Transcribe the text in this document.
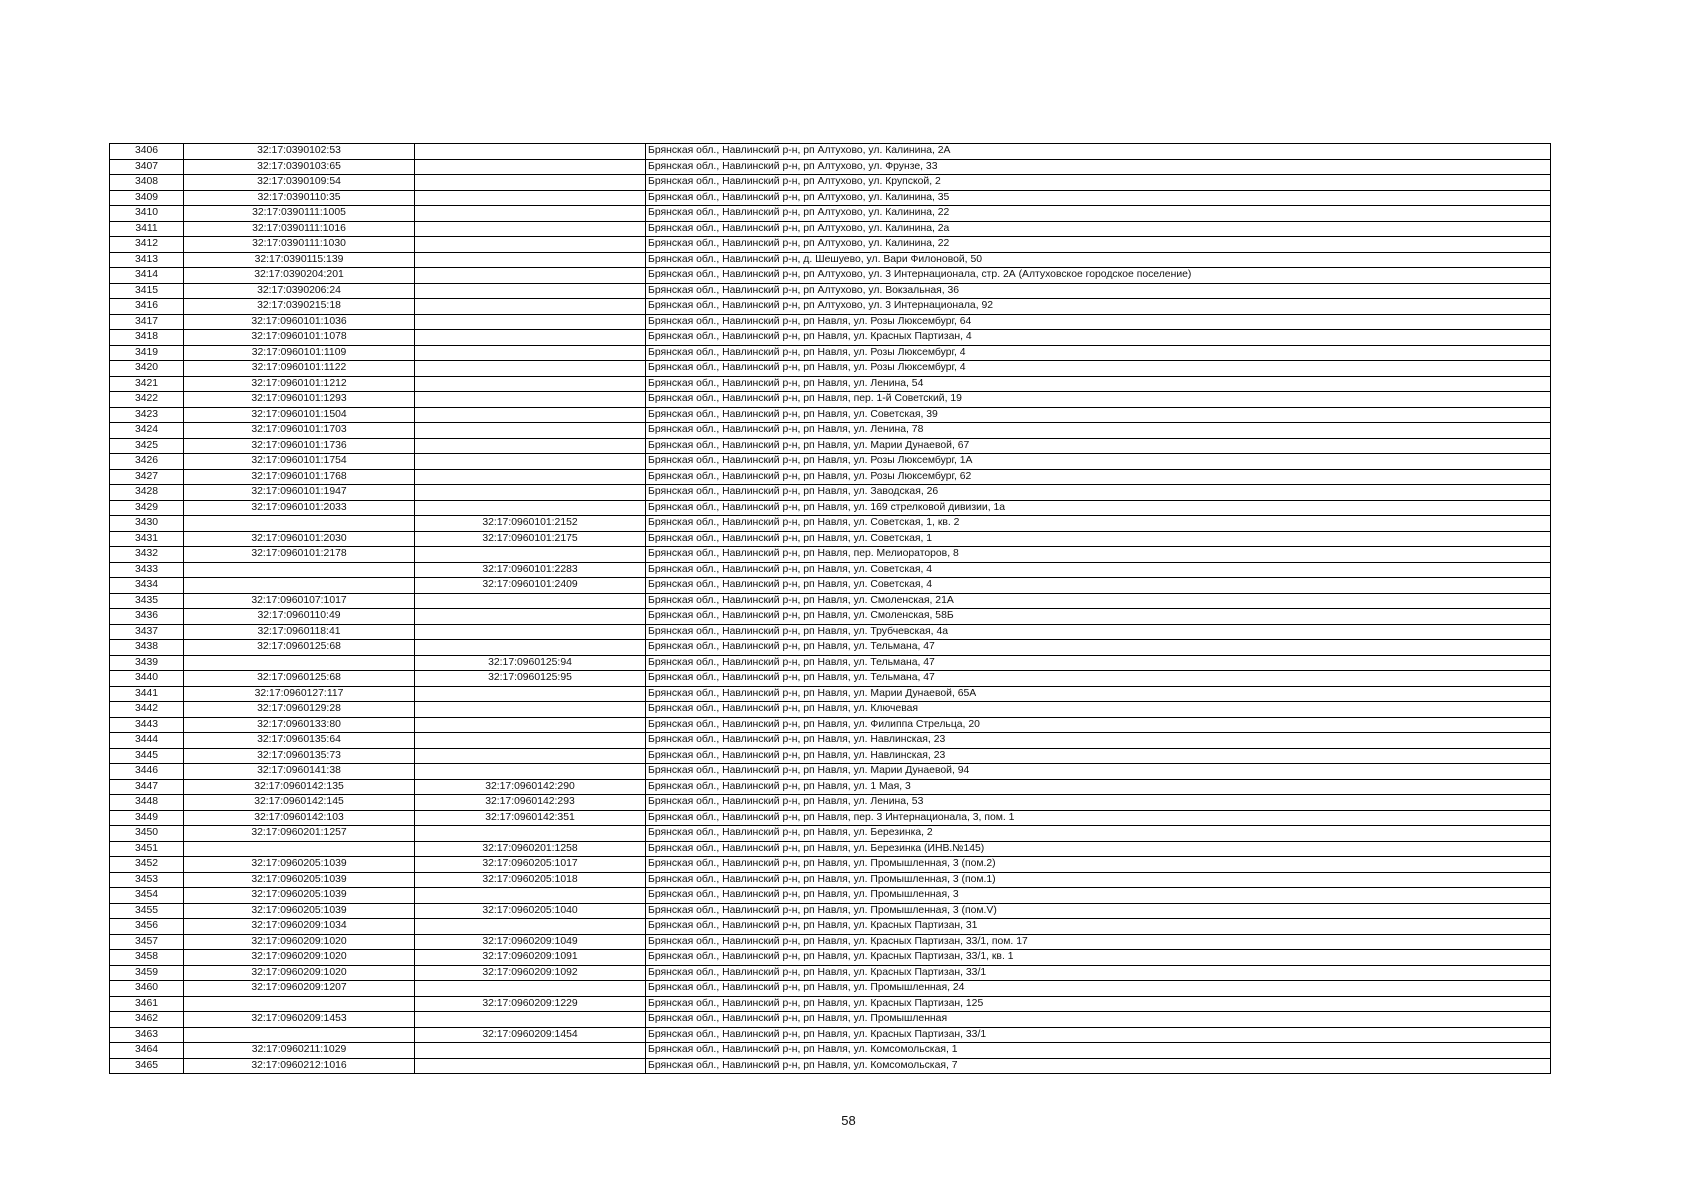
3406	32:17:0390102:53		Брянская обл., Навлинский р-н, рп Алтухово, ул. Калинина, 2А
3407	32:17:0390103:65		Брянская обл., Навлинский р-н, рп Алтухово, ул. Фрунзе, 33
3408	32:17:0390109:54		Брянская обл., Навлинский р-н, рп Алтухово, ул. Крупской, 2
3409	32:17:0390110:35		Брянская обл., Навлинский р-н, рп Алтухово, ул. Калинина, 35
3410	32:17:0390111:1005		Брянская обл., Навлинский р-н, рп Алтухово, ул. Калинина, 22
3411	32:17:0390111:1016		Брянская обл., Навлинский р-н, рп Алтухово, ул. Калинина, 2а
3412	32:17:0390111:1030		Брянская обл., Навлинский р-н, рп Алтухово, ул. Калинина, 22
3413	32:17:0390115:139		Брянская обл., Навлинский р-н, д. Шешуево, ул. Вари Филоновой, 50
3414	32:17:0390204:201		Брянская обл., Навлинский р-н, рп Алтухово, ул. 3 Интернационала, стр. 2А (Алтуховское городское поселение)
3415	32:17:0390206:24		Брянская обл., Навлинский р-н, рп Алтухово, ул. Вокзальная, 36
3416	32:17:0390215:18		Брянская обл., Навлинский р-н, рп Алтухово, ул. 3 Интернационала, 92
3417	32:17:0960101:1036		Брянская обл., Навлинский р-н, рп Навля, ул. Розы Люксембург, 64
3418	32:17:0960101:1078		Брянская обл., Навлинский р-н, рп Навля, ул. Красных Партизан, 4
3419	32:17:0960101:1109		Брянская обл., Навлинский р-н, рп Навля, ул. Розы Люксембург, 4
3420	32:17:0960101:1122		Брянская обл., Навлинский р-н, рп Навля, ул. Розы Люксембург, 4
3421	32:17:0960101:1212		Брянская обл., Навлинский р-н, рп Навля, ул. Ленина, 54
3422	32:17:0960101:1293		Брянская обл., Навлинский р-н, рп Навля, пер. 1-й Советский, 19
3423	32:17:0960101:1504		Брянская обл., Навлинский р-н, рп Навля, ул. Советская, 39
3424	32:17:0960101:1703		Брянская обл., Навлинский р-н, рп Навля, ул. Ленина, 78
3425	32:17:0960101:1736		Брянская обл., Навлинский р-н, рп Навля, ул. Марии Дунаевой, 67
3426	32:17:0960101:1754		Брянская обл., Навлинский р-н, рп Навля, ул. Розы Люксембург, 1А
3427	32:17:0960101:1768		Брянская обл., Навлинский р-н, рп Навля, ул. Розы Люксембург, 62
3428	32:17:0960101:1947		Брянская обл., Навлинский р-н, рп Навля, ул. Заводская, 26
3429	32:17:0960101:2033		Брянская обл., Навлинский р-н, рп Навля, ул. 169 стрелковой дивизии, 1а
3430		32:17:0960101:2152	Брянская обл., Навлинский р-н, рп Навля, ул. Советская, 1, кв. 2
3431	32:17:0960101:2030	32:17:0960101:2175	Брянская обл., Навлинский р-н, рп Навля, ул. Советская, 1
3432	32:17:0960101:2178		Брянская обл., Навлинский р-н, рп Навля, пер. Мелиораторов, 8
3433		32:17:0960101:2283	Брянская обл., Навлинский р-н, рп Навля, ул. Советская, 4
3434		32:17:0960101:2409	Брянская обл., Навлинский р-н, рп Навля, ул. Советская, 4
3435	32:17:0960107:1017		Брянская обл., Навлинский р-н, рп Навля, ул. Смоленская, 21А
3436	32:17:0960110:49		Брянская обл., Навлинский р-н, рп Навля, ул. Смоленская, 58Б
3437	32:17:0960118:41		Брянская обл., Навлинский р-н, рп Навля, ул. Трубчевская, 4а
3438	32:17:0960125:68		Брянская обл., Навлинский р-н, рп Навля, ул. Тельмана, 47
3439		32:17:0960125:94	Брянская обл., Навлинский р-н, рп Навля, ул. Тельмана, 47
3440	32:17:0960125:68	32:17:0960125:95	Брянская обл., Навлинский р-н, рп Навля, ул. Тельмана, 47
3441	32:17:0960127:117		Брянская обл., Навлинский р-н, рп Навля, ул. Марии Дунаевой, 65А
3442	32:17:0960129:28		Брянская обл., Навлинский р-н, рп Навля, ул. Ключевая
3443	32:17:0960133:80		Брянская обл., Навлинский р-н, рп Навля, ул. Филиппа Стрельца, 20
3444	32:17:0960135:64		Брянская обл., Навлинский р-н, рп Навля, ул. Навлинская, 23
3445	32:17:0960135:73		Брянская обл., Навлинский р-н, рп Навля, ул. Навлинская, 23
3446	32:17:0960141:38		Брянская обл., Навлинский р-н, рп Навля, ул. Марии Дунаевой, 94
3447	32:17:0960142:135	32:17:0960142:290	Брянская обл., Навлинский р-н, рп Навля, ул. 1 Мая, 3
3448	32:17:0960142:145	32:17:0960142:293	Брянская обл., Навлинский р-н, рп Навля, ул. Ленина, 53
3449	32:17:0960142:103	32:17:0960142:351	Брянская обл., Навлинский р-н, рп Навля, пер. 3 Интернационала, 3, пом. 1
3450	32:17:0960201:1257		Брянская обл., Навлинский р-н, рп Навля, ул. Березинка, 2
3451		32:17:0960201:1258	Брянская обл., Навлинский р-н, рп Навля, ул. Березинка (ИНВ.№145)
3452	32:17:0960205:1039	32:17:0960205:1017	Брянская обл., Навлинский р-н, рп Навля, ул. Промышленная, 3 (пом.2)
3453	32:17:0960205:1039	32:17:0960205:1018	Брянская обл., Навлинский р-н, рп Навля, ул. Промышленная, 3 (пом.1)
3454	32:17:0960205:1039		Брянская обл., Навлинский р-н, рп Навля, ул. Промышленная, 3
3455	32:17:0960205:1039	32:17:0960205:1040	Брянская обл., Навлинский р-н, рп Навля, ул. Промышленная, 3 (пом.V)
3456	32:17:0960209:1034		Брянская обл., Навлинский р-н, рп Навля, ул. Красных Партизан, 31
3457	32:17:0960209:1020	32:17:0960209:1049	Брянская обл., Навлинский р-н, рп Навля, ул. Красных Партизан, 33/1, пом. 17
3458	32:17:0960209:1020	32:17:0960209:1091	Брянская обл., Навлинский р-н, рп Навля, ул. Красных Партизан, 33/1, кв. 1
3459	32:17:0960209:1020	32:17:0960209:1092	Брянская обл., Навлинский р-н, рп Навля, ул. Красных Партизан, 33/1
3460	32:17:0960209:1207		Брянская обл., Навлинский р-н, рп Навля, ул. Промышленная, 24
3461		32:17:0960209:1229	Брянская обл., Навлинский р-н, рп Навля, ул. Красных Партизан, 125
3462	32:17:0960209:1453		Брянская обл., Навлинский р-н, рп Навля, ул. Промышленная
3463		32:17:0960209:1454	Брянская обл., Навлинский р-н, рп Навля, ул. Красных Партизан, 33/1
3464	32:17:0960211:1029		Брянская обл., Навлинский р-н, рп Навля, ул. Комсомольская, 1
3465	32:17:0960212:1016		Брянская обл., Навлинский р-н, рп Навля, ул. Комсомольская, 7
58
